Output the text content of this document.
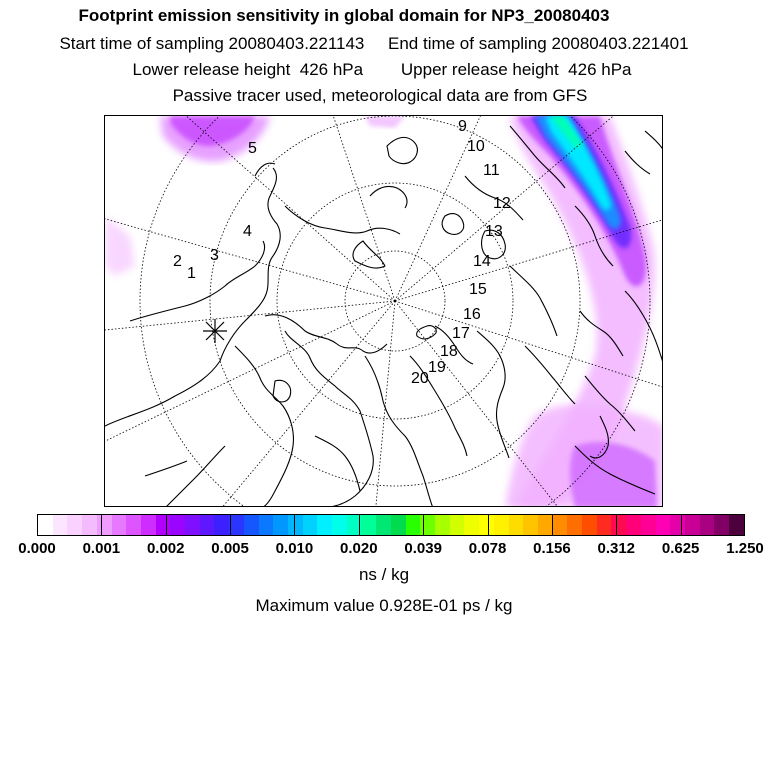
Footprint emission sensitivity in global domain for NP3_20080403
Start time of sampling 20080403.221143     End time of sampling 20080403.221401
Lower release height  426 hPa        Upper release height  426 hPa
Passive tracer used, meteorological data are from GFS
1
2 3
4
5
9
10
11
12
13
14
15
16
17
18
19
20
0.000 0.001 0.002 0.005 0.010 0.020 0.039 0.078 0.156 0.312 0.625 1.250
ns / kg
Maximum value 0.928E-01 ps / kg
